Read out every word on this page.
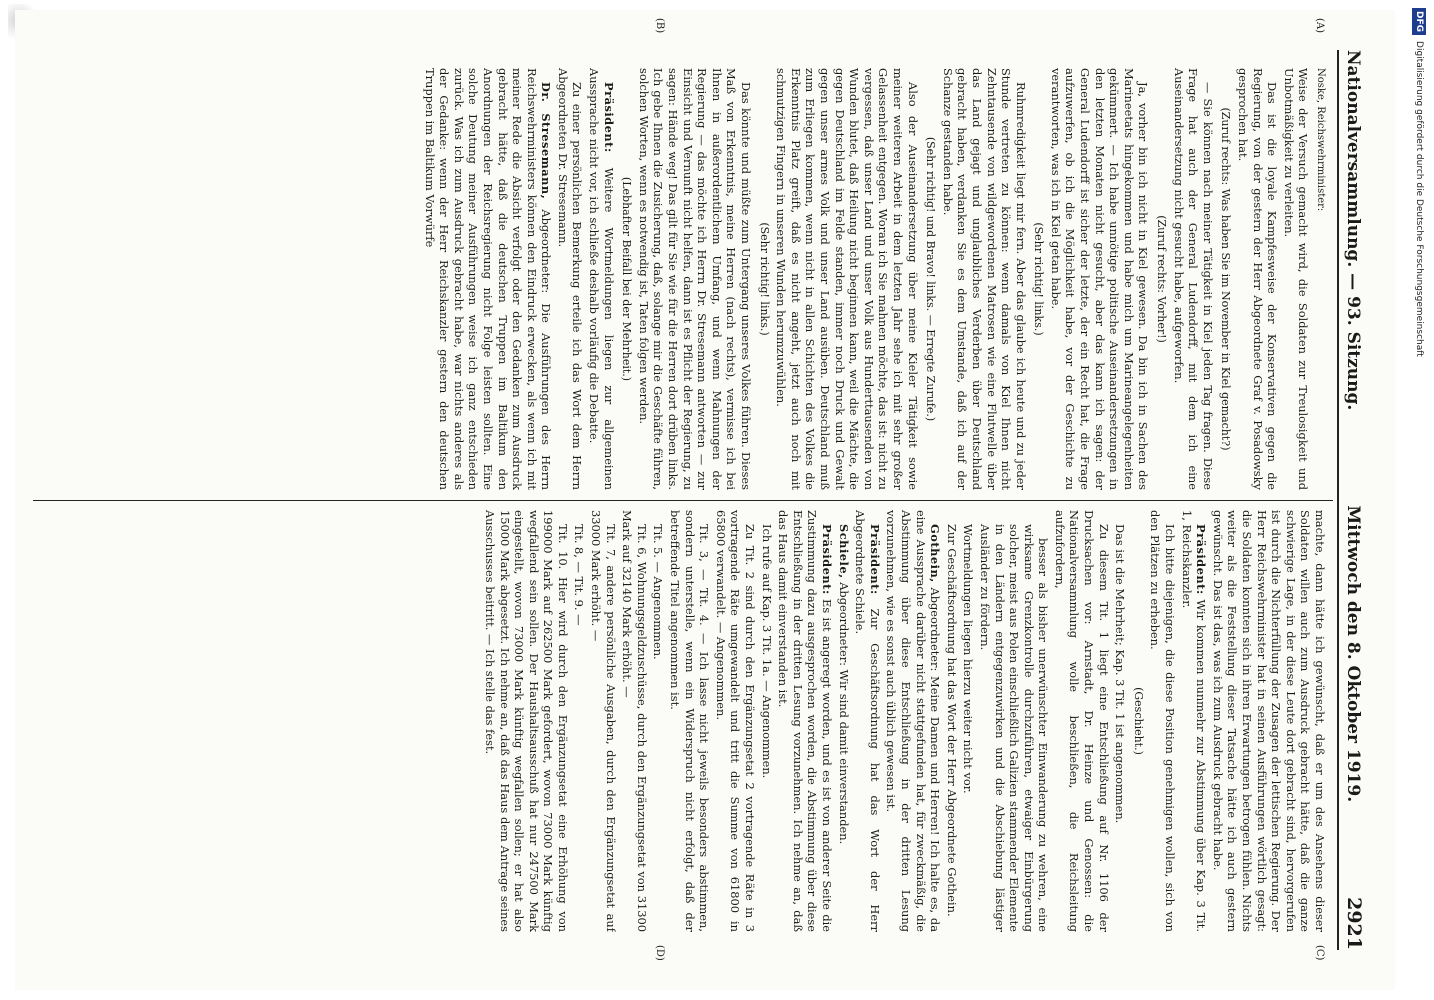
Nationalversammlung. — 93. Sitzung.
Mittwoch den 8. Oktober 1919.
2921
(A)
(B)
(C)
(D)

Noske, Reichswehrminister:

Weise der Versuch gemacht wird, die Soldaten zur Treulosigkeit und Unbotmäßigkeit zu verleiten.

Das ist die loyale Kampfesweise der Konservativen gegen die Regierung, von der gestern der Herr Abgeordnete Graf v. Posadowsky gesprochen hat.

(Zuruf rechts: Was haben Sie im November in Kiel gemacht?)

— Sie können nach meiner Tätigkeit in Kiel jeden Tag fragen. Diese Frage hat auch der General Ludendorff, mit dem ich eine Auseinandersetzung nicht gesucht habe, aufgeworfen.

(Zuruf rechts: Vorher!)

Ja, vorher bin ich nicht in Kiel gewesen. Da bin ich in Sachen des Marineetats hingekommen und habe mich um Marineangelegenheiten gekümmert. — Ich habe unnötige politische Auseinandersetzungen in den letzten Monaten nicht gesucht, aber das kann ich sagen: der General Ludendorff ist sicher der letzte, der ein Recht hat, die Frage aufzuwerfen, ob ich die Möglichkeit habe, vor der Geschichte zu verantworten, was ich in Kiel getan habe.

(Sehr richtig! links.)

Ruhmredigkeit liegt mir fern. Aber das glaube ich heute und zu jeder Stunde vertreten zu können: wenn damals von Kiel Ihnen nicht Zehntausende von wildgewordenen Matrosen wie eine Flutwelle über das Land gejagt und unglaubliches Verderben über Deutschland gebracht haben, verdanken Sie es dem Umstande, daß ich auf der Schanze gestanden habe.

(Sehr richtig! und Bravo! links. — Erregte Zurufe.)

Also der Auseinandersetzung über meine Kieler Tätigkeit sowie meiner weiteren Arbeit in dem letzten Jahr sehe ich mit sehr großer Gelassenheit entgegen. Woran ich Sie mahnen möchte, das ist: nicht zu vergessen, daß unser Land und unser Volk aus Hunderttausenden von Wunden blutet, daß Heilung nicht beginnen kann, weil die Mächte, die gegen Deutschland im Felde standen, immer noch Druck und Gewalt gegen unser armes Volk und unser Land ausüben. Deutschland muß zum Erliegen kommen, wenn nicht in allen Schichten des Volkes die Erkenntnis Platz greift, daß es nicht angeht, jetzt auch noch mit schmutzigen Fingern in unseren Wunden herumzuwühlen.

(Sehr richtig! links.)

Das könnte und müßte zum Untergang unseres Volkes führen. Dieses Maß von Erkenntnis, meine Herren (nach rechts), vermisse ich bei Ihnen in außerordentlichem Umfang, und wenn Mahnungen der Regierung — das möchte ich Herrn Dr. Stresemann antworten — zur Einsicht und Vernunft nicht helfen, dann ist es Pflicht der Regierung, zu sagen: Hände weg! Das gilt für Sie wie für die Herren dort drüben links. Ich gebe Ihnen die Zusicherung, daß, solange mir die Geschäfte führen, solchen Worten, wenn es notwendig ist, Taten folgen werden.

(Lebhafter Beifall bei der Mehrheit.)

Präsident: Weitere Wortmeldungen liegen zur allgemeinen Aussprache nicht vor, ich schließe deshalb vorläufig die Debatte.

Zu einer persönlichen Bemerkung erteile ich das Wort dem Herrn Abgeordneten Dr. Stresemann.

Dr. Stresemann, Abgeordneter: Die Ausführungen des Herrn Reichswehrministers können den Eindruck erwecken, als wenn ich mit meiner Rede die Absicht verfolgt oder den Gedanken zum Ausdruck gebracht hätte, daß die deutschen Truppen im Baltikum den Anordnungen der Reichsregierung nicht Folge leisten sollten. Eine solche Deutung meiner Ausführungen weise ich ganz entschieden zurück. Was ich zum Ausdruck gebracht habe, war nichts anderes als der Gedanke: wenn der Herr Reichskanzler gestern den deutschen Truppen im Baltikum Vorwürfe

machte, dann hätte ich gewünscht, daß er um des Ansehens dieser Soldaten willen auch zum Ausdruck gebracht hätte, daß die ganze schwierige Lage, in der diese Leute dort gebracht sind, hervorgerufen ist durch die Nichterfüllung der Zusagen der lettischen Regierung. Der Herr Reichswehrminister hat in seinen Ausführungen wörtlich gesagt: die Soldaten konnten sich in ihren Erwartungen betrogen fühlen. Nichts weiter als die Feststellung dieser Tatsache hätte ich auch gestern gewünscht. Das ist das, was ich zum Ausdruck gebracht habe.

Präsident: Wir kommen nunmehr zur Abstimmung über Kap. 3 Tit. 1, Reichskanzler.

Ich bitte diejenigen, die diese Position genehmigen wollen, sich von den Plätzen zu erheben.

(Geschieht.)

Das ist die Mehrheit; Kap. 3 Tit. 1 ist angenommen.

Zu diesem Tit. 1 liegt eine Entschließung auf Nr. 1106 der Drucksachen vor: Arnstadt, Dr. Heinze und Genossen: die Nationalversammlung wolle beschließen, die Reichsleitung aufzufordern,

besser als bisher unerwünschter Einwanderung zu wehren, eine wirksame Grenzkontrolle durchzuführen, etwaiger Einbürgerung solcher, meist aus Polen einschließlich Galizien stammender Elemente in den Ländern entgegenzuwirken und die Abschiebung lästiger Ausländer zu fördern.

Wortmeldungen liegen hierzu weiter nicht vor.

Zur Geschäftsordnung hat das Wort der Herr Abgeordnete Gothein.

Gothein, Abgeordneter: Meine Damen und Herren! Ich halte es, da eine Aussprache darüber nicht stattgefunden hat, für zweckmäßig, die Abstimmung über diese Entschließung in der dritten Lesung vorzunehmen, wie es sonst auch üblich gewesen ist.

Präsident: Zur Geschäftsordnung hat das Wort der Herr Abgeordnete Schiele.

Schiele, Abgeordneter: Wir sind damit einverstanden.

Präsident: Es ist angeregt worden, und es ist von anderer Seite die Zustimmung dazu ausgesprochen worden, die Abstimmung über diese Entschließung in der dritten Lesung vorzunehmen. Ich nehme an, daß das Haus damit einverstanden ist.

Ich rufe auf Kap. 3 Tit. 1a. — Angenommen.

Zu Tit. 2 sind durch den Ergänzungsetat 2 vortragende Räte in 3 vortragende Räte umgewandelt und tritt die Summe von 61800 in 65800 verwandelt. — Angenommen.

Tit. 3, — Tit. 4. — Ich lasse nicht jeweils besonders abstimmen, sondern unterstelle, wenn ein Widerspruch nicht erfolgt, daß der betreffende Titel angenommen ist.

Tit. 5. — Angenommen.

Tit. 6, Wohnungsgeldzuschüsse, durch den Ergänzungsetat von 31300 Mark auf 32140 Mark erhöht. —

Tit. 7, andere persönliche Ausgaben, durch den Ergänzungsetat auf 33000 Mark erhöht. —

Tit. 8, — Tit. 9. —

Tit. 10. Hier wird durch den Ergänzungsetat eine Erhöhung von 199000 Mark auf 262500 Mark gefordert, wovon 73000 Mark künftig wegfallend sein sollen. Der Haushaltsausschuß hat nur 247500 Mark eingestellt, wovon 73000 Mark künftig wegfallen sollen; er hat also 15000 Mark abgesetzt. Ich nehme an, daß das Haus dem Antrage seines Ausschusses beitritt. — Ich stelle das fest.

DFGDigitalisierung gefördert durch die Deutsche Forschungsgemeinschaft
